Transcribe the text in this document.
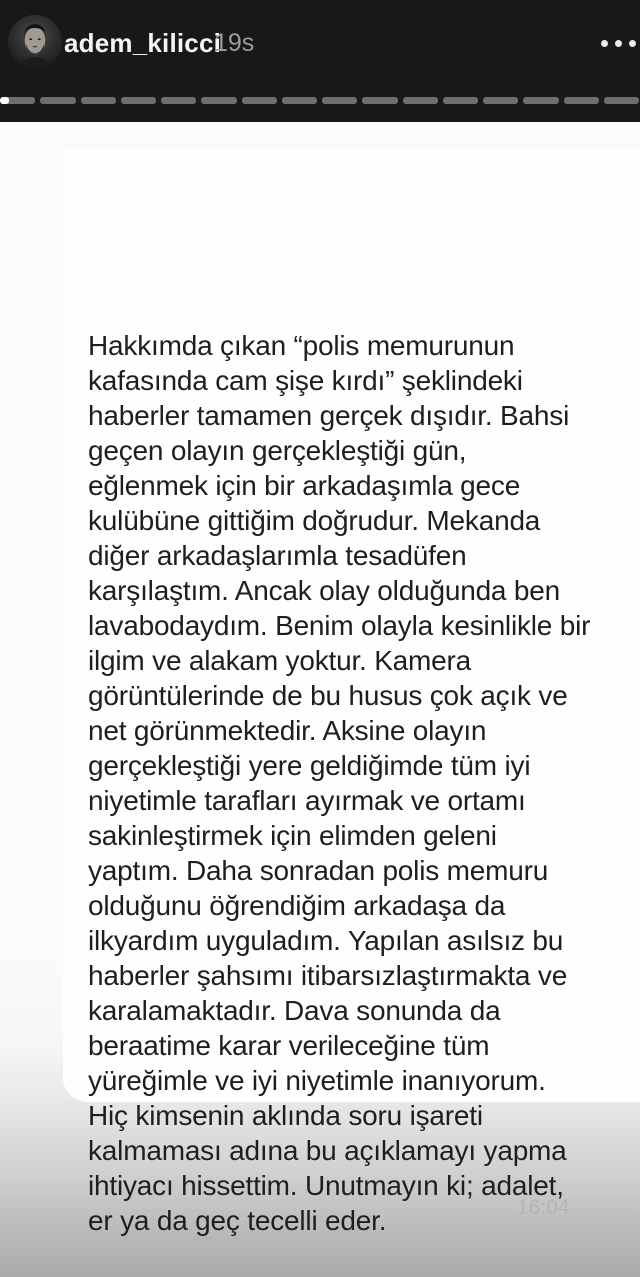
adem_kilicci
19s
Hakkımda çıkan “polis memurunun
kafasında cam şişe kırdı” şeklindeki
haberler tamamen gerçek dışıdır. Bahsi
geçen olayın gerçekleştiği gün,
eğlenmek için bir arkadaşımla gece
kulübüne gittiğim doğrudur. Mekanda
diğer arkadaşlarımla tesadüfen
karşılaştım. Ancak olay olduğunda ben
lavabodaydım. Benim olayla kesinlikle bir
ilgim ve alakam yoktur. Kamera
görüntülerinde de bu husus çok açık ve
net görünmektedir. Aksine olayın
gerçekleştiği yere geldiğimde tüm iyi
niyetimle tarafları ayırmak ve ortamı
sakinleştirmek için elimden geleni
yaptım. Daha sonradan polis memuru
olduğunu öğrendiğim arkadaşa da
ilkyardım uyguladım. Yapılan asılsız bu
haberler şahsımı itibarsızlaştırmakta ve
karalamaktadır. Dava sonunda da
beraatime karar verileceğine tüm
yüreğimle ve iyi niyetimle inanıyorum.
Hiç kimsenin aklında soru işareti
kalmaması adına bu açıklamayı yapma
ihtiyacı hissettim. Unutmayın ki; adalet,
er ya da geç tecelli eder.	16:04
